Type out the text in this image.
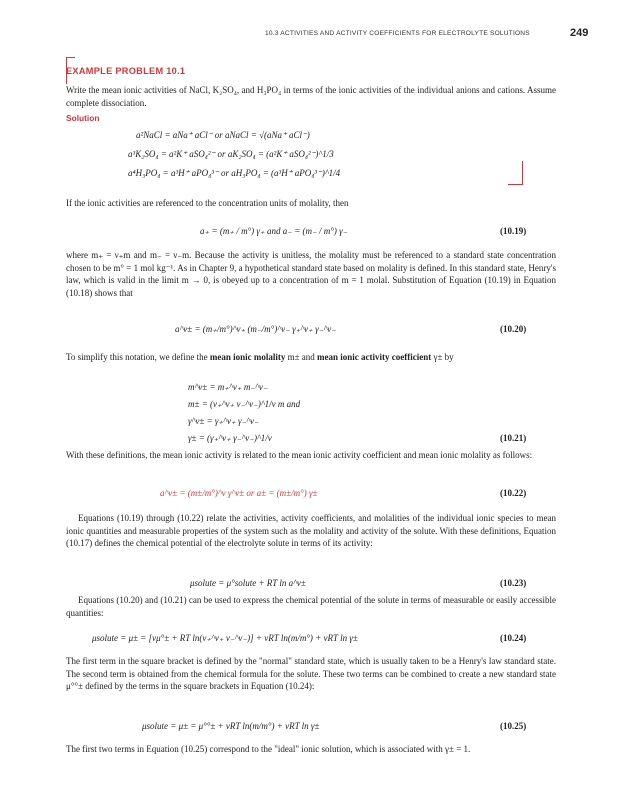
10.3 ACTIVITIES AND ACTIVITY COEFFICIENTS FOR ELECTROLYTE SOLUTIONS	249
EXAMPLE PROBLEM 10.1
Write the mean ionic activities of NaCl, K₂SO₄, and H₃PO₄ in terms of the ionic activities of the individual anions and cations. Assume complete dissociation.
Solution
a²NaCl = aNa⁺ aCl⁻ or aNaCl = √(aNa⁺ aCl⁻)
a³K₂SO₄ = a²K⁺ aSO₄²⁻ or aK₂SO₄ = (a²K⁺ aSO₄²⁻)^1/3
a⁴H₃PO₄ = a³H⁺ aPO₄³⁻ or aH₃PO₄ = (a³H⁺ aPO₄³⁻)^1/4
If the ionic activities are referenced to the concentration units of molality, then
a₊ = (m₊ / m°) γ₊ and a₋ = (m₋ / m°) γ₋	(10.19)
where m₊ = ν₊m and m₋ = ν₋m. Because the activity is unitless, the molality must be referenced to a standard state concentration chosen to be m° = 1 mol kg⁻¹. As in Chapter 9, a hypothetical standard state based on molality is defined. In this standard state, Henry's law, which is valid in the limit m → 0, is obeyed up to a concentration of m = 1 molal. Substitution of Equation (10.19) in Equation (10.18) shows that
a^ν± = (m₊/m°)^ν₊ (m₋/m°)^ν₋ γ₊^ν₊ γ₋^ν₋	(10.20)
To simplify this notation, we define the mean ionic molality m± and mean ionic activity coefficient γ± by
m^ν± = m₊^ν₊ m₋^ν₋
m± = (ν₊^ν₊ ν₋^ν₋)^1/ν m and
γ^ν± = γ₊^ν₊ γ₋^ν₋
γ± = (γ₊^ν₊ γ₋^ν₋)^1/ν	(10.21)
With these definitions, the mean ionic activity is related to the mean ionic activity coefficient and mean ionic molality as follows:
a^ν± = (m±/m°)^ν γ^ν± or a± = (m±/m°) γ±	(10.22)
Equations (10.19) through (10.22) relate the activities, activity coefficients, and molalities of the individual ionic species to mean ionic quantities and measurable properties of the system such as the molality and activity of the solute. With these definitions, Equation (10.17) defines the chemical potential of the electrolyte solute in terms of its activity:
μsolute = μ°solute + RT ln a^ν±	(10.23)
Equations (10.20) and (10.21) can be used to express the chemical potential of the solute in terms of measurable or easily accessible quantities:
μsolute = μ± = [νμ°± + RT ln(ν₊^ν₊ ν₋^ν₋)] + νRT ln(m/m°) + νRT ln γ±	(10.24)
The first term in the square bracket is defined by the "normal" standard state, which is usually taken to be a Henry's law standard state. The second term is obtained from the chemical formula for the solute. These two terms can be combined to create a new standard state μ°°± defined by the terms in the square brackets in Equation (10.24):
μsolute = μ± = μ°°± + νRT ln(m/m°) + νRT ln γ±	(10.25)
The first two terms in Equation (10.25) correspond to the "ideal" ionic solution, which is associated with γ± = 1.
